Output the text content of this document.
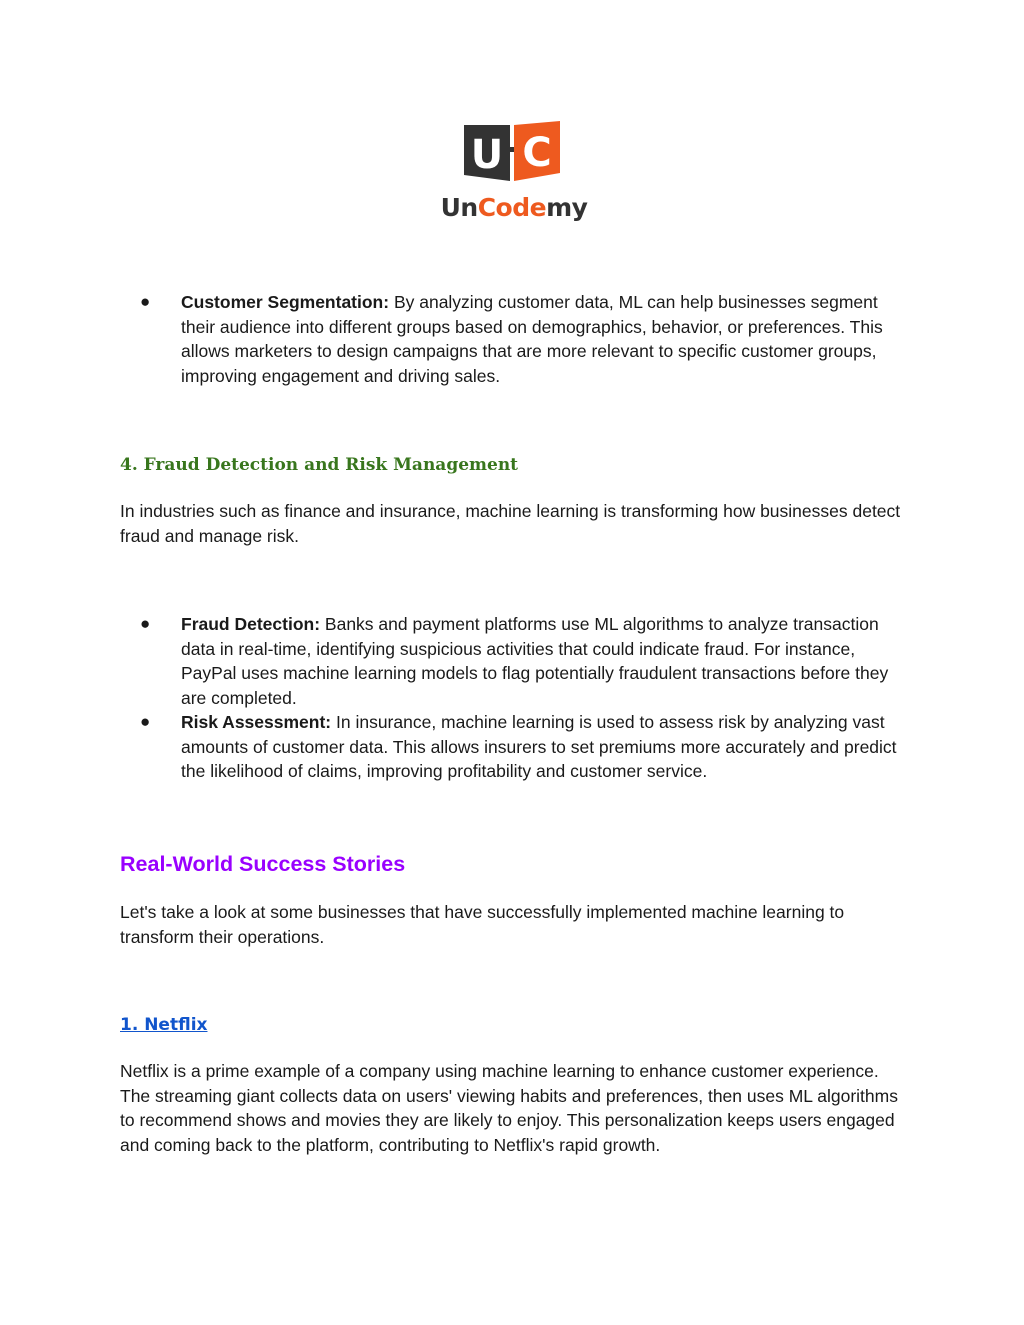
U C
UnCodemy
● Customer Segmentation: By analyzing customer data, ML can help businesses segment their audience into different groups based on demographics, behavior, or preferences. This allows marketers to design campaigns that are more relevant to specific customer groups, improving engagement and driving sales.
4. Fraud Detection and Risk Management

In industries such as finance and insurance, machine learning is transforming how businesses detect fraud and manage risk.

● Fraud Detection: Banks and payment platforms use ML algorithms to analyze transaction data in real-time, identifying suspicious activities that could indicate fraud. For instance, PayPal uses machine learning models to flag potentially fraudulent transactions before they are completed.
● Risk Assessment: In insurance, machine learning is used to assess risk by analyzing vast amounts of customer data. This allows insurers to set premiums more accurately and predict the likelihood of claims, improving profitability and customer service.
Real-World Success Stories

Let's take a look at some businesses that have successfully implemented machine learning to transform their operations.

1. Netflix

Netflix is a prime example of a company using machine learning to enhance customer experience. The streaming giant collects data on users' viewing habits and preferences, then uses ML algorithms to recommend shows and movies they are likely to enjoy. This personalization keeps users engaged and coming back to the platform, contributing to Netflix's rapid growth.
